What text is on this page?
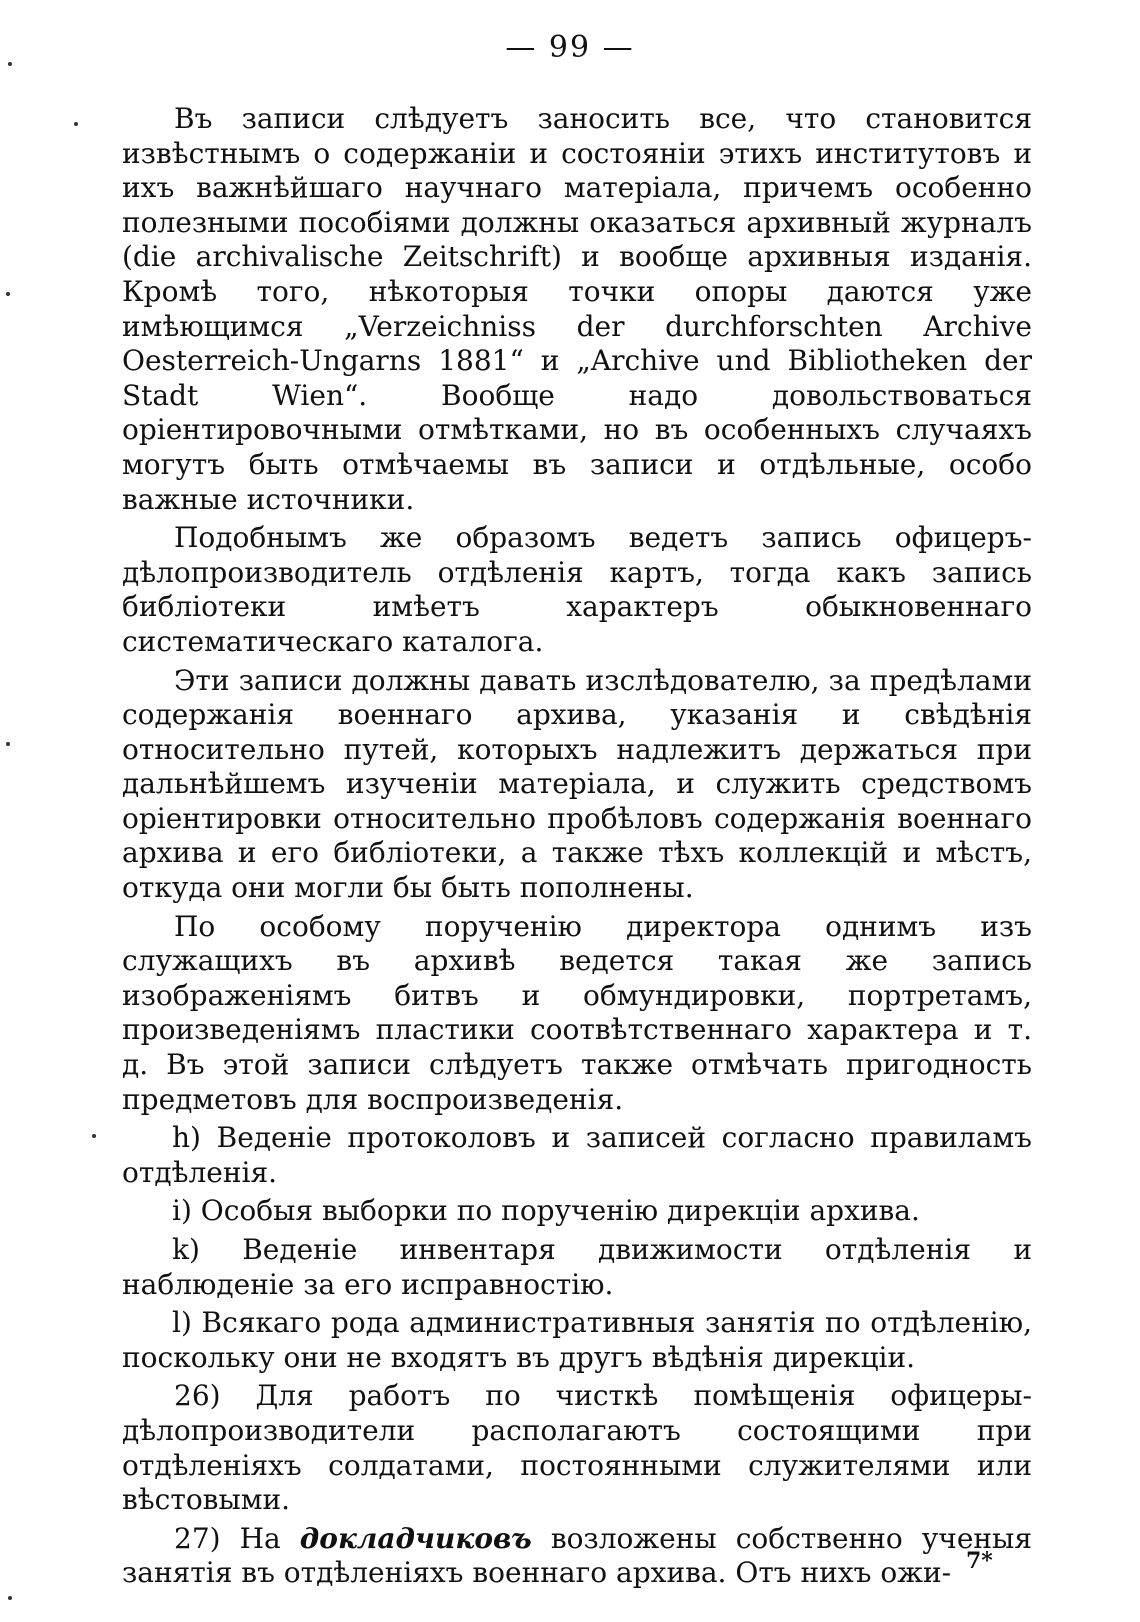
— 99 —

Въ записи слѣдуетъ заносить все, что становится извѣстнымъ о содержаніи и состояніи этихъ институтовъ и ихъ важнѣйшаго научнаго матеріала, причемъ особенно полезными пособіями должны оказаться архивный журналъ (die archivalische Zeitschrift) и вообще архивныя изданія. Кромѣ того, нѣкоторыя точки опоры даются уже имѣющимся „Verzeichniss der durchforschten Archive Oesterreich-Ungarns 1881“ и „Archive und Bibliotheken der Stadt Wien“. Вообще надо довольствоваться оріентировочными отмѣтками, но въ особенныхъ случаяхъ могутъ быть отмѣчаемы въ записи и отдѣльные, особо важные источники.

Подобнымъ же образомъ ведетъ запись офицеръ-дѣлопроизводитель отдѣленія картъ, тогда какъ запись библіотеки имѣетъ характеръ обыкновеннаго систематическаго каталога.

Эти записи должны давать изслѣдователю, за предѣлами содержанія военнаго архива, указанія и свѣдѣнія относительно путей, которыхъ надлежитъ держаться при дальнѣйшемъ изученіи матеріала, и служить средствомъ оріентировки относительно пробѣловъ содержанія военнаго архива и его библіотеки, а также тѣхъ коллекцій и мѣстъ, откуда они могли бы быть пополнены.

По особому порученію директора однимъ изъ служащихъ въ архивѣ ведется такая же запись изображеніямъ битвъ и обмундировки, портретамъ, произведеніямъ пластики соотвѣтственнаго характера и т. д. Въ этой записи слѣдуетъ также отмѣчать пригодность предметовъ для воспроизведенія.

h) Веденіе протоколовъ и записей согласно правиламъ отдѣленія.

i) Особыя выборки по порученію дирекціи архива.

k) Веденіе инвентаря движимости отдѣленія и наблюденіе за его исправностію.

l) Всякаго рода административныя занятія по отдѣленію, поскольку они не входятъ въ другъ вѣдѣнія дирекціи.

26) Для работъ по чисткѣ помѣщенія офицеры-дѣлопроизводители располагаютъ состоящими при отдѣленіяхъ солдатами, постоянными служителями или вѣстовыми.

27) На докладчиковъ возложены собственно ученыя занятія въ отдѣленіяхъ военнаго архива. Отъ нихъ ожи- 7*
